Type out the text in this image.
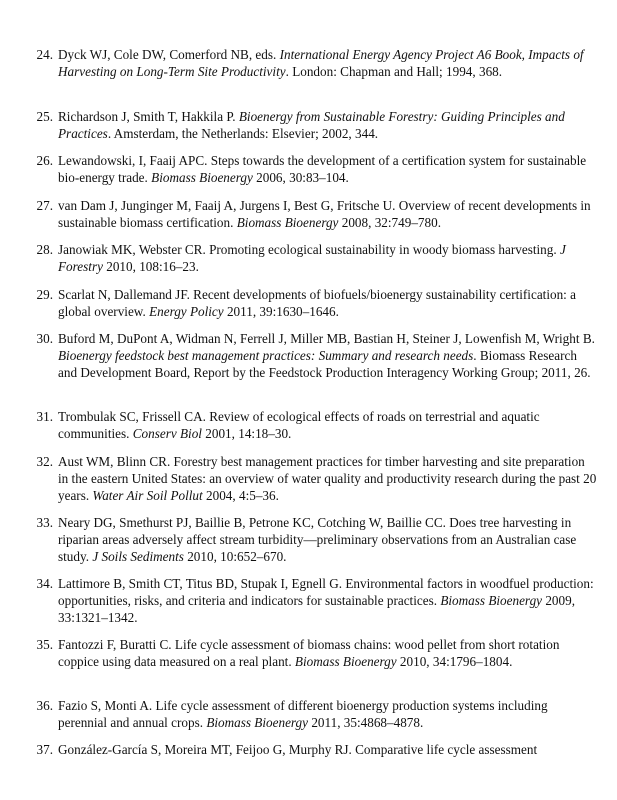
24. Dyck WJ, Cole DW, Comerford NB, eds. International Energy Agency Project A6 Book, Impacts of Harvesting on Long-Term Site Productivity. London: Chapman and Hall; 1994, 368.
25. Richardson J, Smith T, Hakkila P. Bioenergy from Sustainable Forestry: Guiding Principles and Practices. Amsterdam, the Netherlands: Elsevier; 2002, 344.
26. Lewandowski, I, Faaij APC. Steps towards the development of a certification system for sustainable bio-energy trade. Biomass Bioenergy 2006, 30:83–104.
27. van Dam J, Junginger M, Faaij A, Jurgens I, Best G, Fritsche U. Overview of recent developments in sustainable biomass certification. Biomass Bioenergy 2008, 32:749–780.
28. Janowiak MK, Webster CR. Promoting ecological sustainability in woody biomass harvesting. J Forestry 2010, 108:16–23.
29. Scarlat N, Dallemand JF. Recent developments of biofuels/bioenergy sustainability certification: a global overview. Energy Policy 2011, 39:1630–1646.
30. Buford M, DuPont A, Widman N, Ferrell J, Miller MB, Bastian H, Steiner J, Lowenfish M, Wright B. Bioenergy feedstock best management practices: Summary and research needs. Biomass Research and Development Board, Report by the Feedstock Production Interagency Working Group; 2011, 26.
31. Trombulak SC, Frissell CA. Review of ecological effects of roads on terrestrial and aquatic communities. Conserv Biol 2001, 14:18–30.
32. Aust WM, Blinn CR. Forestry best management practices for timber harvesting and site preparation in the eastern United States: an overview of water quality and productivity research during the past 20 years. Water Air Soil Pollut 2004, 4:5–36.
33. Neary DG, Smethurst PJ, Baillie B, Petrone KC, Cotching W, Baillie CC. Does tree harvesting in riparian areas adversely affect stream turbidity—preliminary observations from an Australian case study. J Soils Sediments 2010, 10:652–670.
34. Lattimore B, Smith CT, Titus BD, Stupak I, Egnell G. Environmental factors in woodfuel production: opportunities, risks, and criteria and indicators for sustainable practices. Biomass Bioenergy 2009, 33:1321–1342.
35. Fantozzi F, Buratti C. Life cycle assessment of biomass chains: wood pellet from short rotation coppice using data measured on a real plant. Biomass Bioenergy 2010, 34:1796–1804.
36. Fazio S, Monti A. Life cycle assessment of different bioenergy production systems including perennial and annual crops. Biomass Bioenergy 2011, 35:4868–4878.
37. González-García S, Moreira MT, Feijoo G, Murphy RJ. Comparative life cycle assessment
